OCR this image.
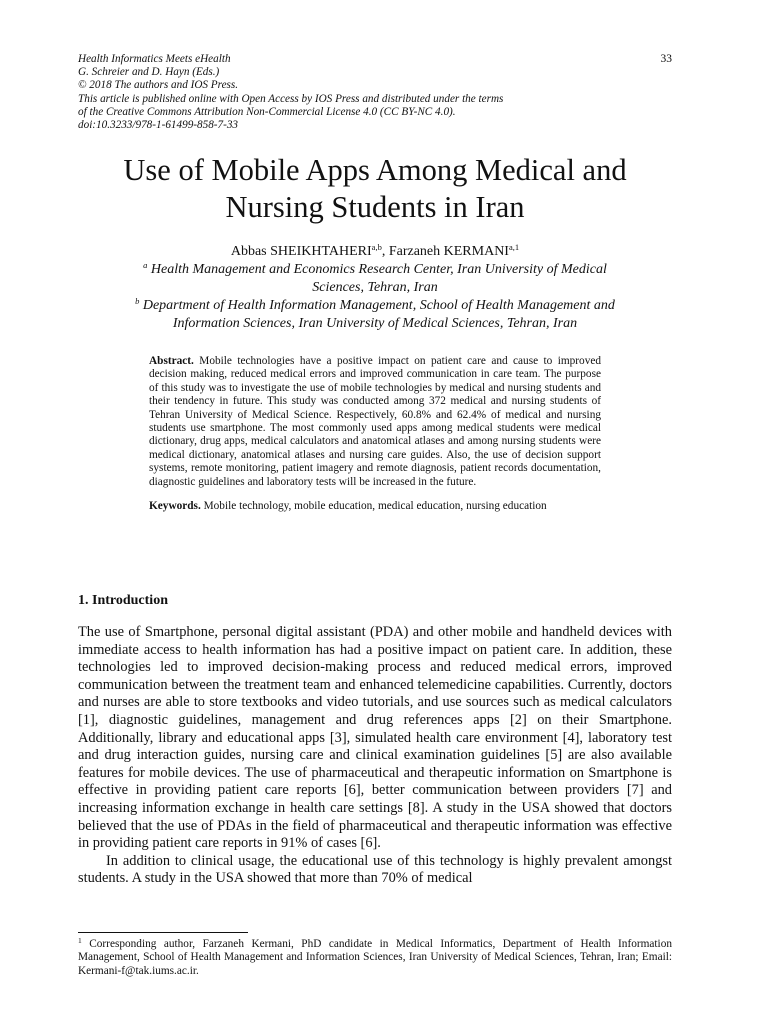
33
Health Informatics Meets eHealth
G. Schreier and D. Hayn (Eds.)
© 2018 The authors and IOS Press.
This article is published online with Open Access by IOS Press and distributed under the terms
of the Creative Commons Attribution Non-Commercial License 4.0 (CC BY-NC 4.0).
doi:10.3233/978-1-61499-858-7-33
Use of Mobile Apps Among Medical and
Nursing Students in Iran
Abbas SHEIKHTAHERI$^{a,b}$, Farzaneh KERMANI$^{a,1}$
$^a$ Health Management and Economics Research Center, Iran University of Medical
Sciences, Tehran, Iran
$^b$ Department of Health Information Management, School of Health Management and
Information Sciences, Iran University of Medical Sciences, Tehran, Iran

Abstract. Mobile technologies have a positive impact on patient care and cause to improved decision making, reduced medical errors and improved communication in care team. The purpose of this study was to investigate the use of mobile technologies by medical and nursing students and their tendency in future. This study was conducted among 372 medical and nursing students of Tehran University of Medical Science. Respectively, 60.8% and 62.4% of medical and nursing students use smartphone. The most commonly used apps among medical students were medical dictionary, drug apps, medical calculators and anatomical atlases and among nursing students were medical dictionary, anatomical atlases and nursing care guides. Also, the use of decision support systems, remote monitoring, patient imagery and remote diagnosis, patient records documentation, diagnostic guidelines and laboratory tests will be increased in the future.

Keywords. Mobile technology, mobile education, medical education, nursing education

1. Introduction

The use of Smartphone, personal digital assistant (PDA) and other mobile and handheld devices with immediate access to health information has had a positive impact on patient care. In addition, these technologies led to improved decision-making process and reduced medical errors, improved communication between the treatment team and enhanced telemedicine capabilities. Currently, doctors and nurses are able to store textbooks and video tutorials, and use sources such as medical calculators [1], diagnostic guidelines, management and drug references apps [2] on their Smartphone. Additionally, library and educational apps [3], simulated health care environment [4], laboratory test and drug interaction guides, nursing care and clinical examination guidelines [5] are also available features for mobile devices. The use of pharmaceutical and therapeutic information on Smartphone is effective in providing patient care reports [6], better communication between providers [7] and increasing information exchange in health care settings [8]. A study in the USA showed that doctors believed that the use of PDAs in the field of pharmaceutical and therapeutic information was effective in providing patient care reports in 91% of cases [6].

In addition to clinical usage, the educational use of this technology is highly prevalent amongst students. A study in the USA showed that more than 70% of medical

$^1$ Corresponding author, Farzaneh Kermani, PhD candidate in Medical Informatics, Department of Health Information Management, School of Health Management and Information Sciences, Iran University of Medical Sciences, Tehran, Iran; Email: Kermani-f@tak.iums.ac.ir.
